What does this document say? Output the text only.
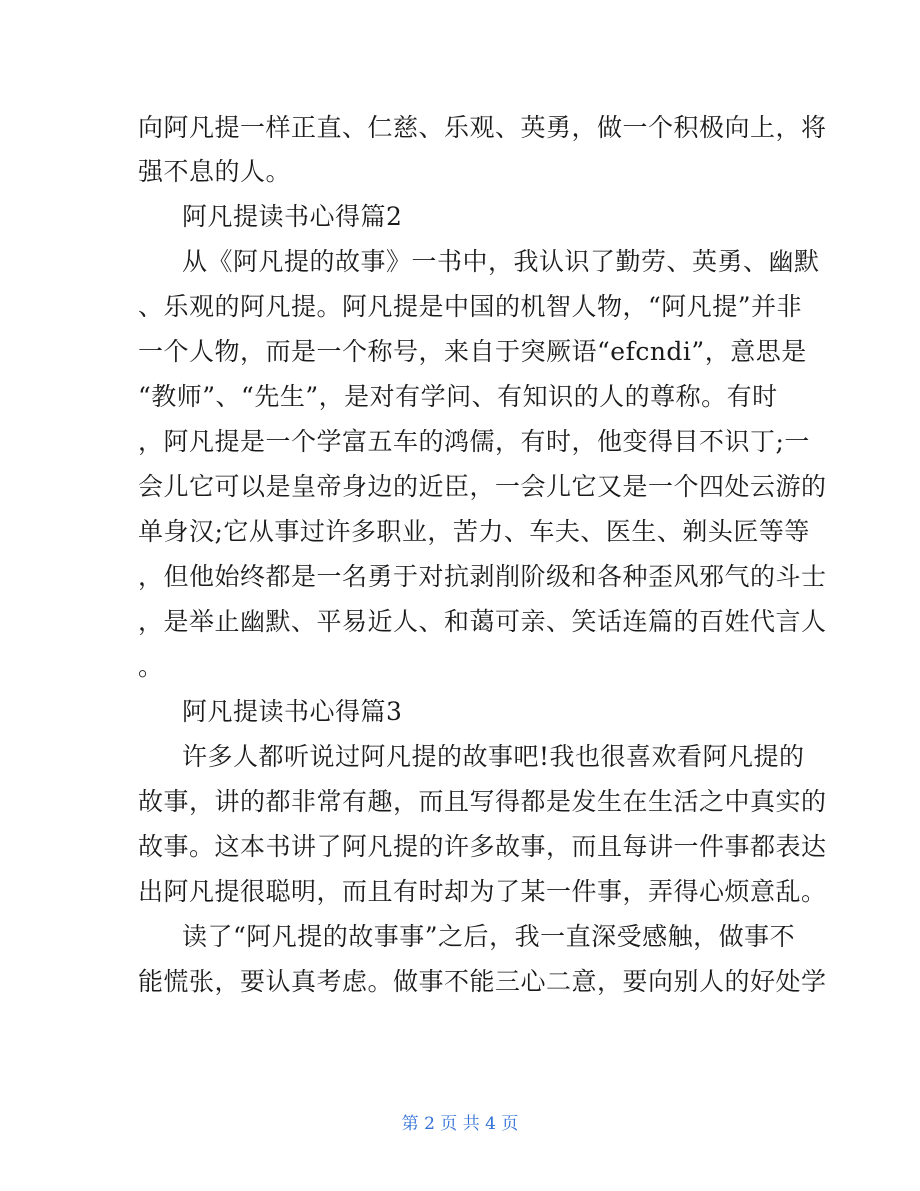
向阿凡提一样正直、仁慈、乐观、英勇，做一个积极向上，将
强不息的人。
阿凡提读书心得篇2
从《阿凡提的故事》一书中，我认识了勤劳、英勇、幽默
、乐观的阿凡提。阿凡提是中国的机智人物，“阿凡提”并非
一个人物，而是一个称号，来自于突厥语“efcndi”，意思是
“教师”、“先生”，是对有学问、有知识的人的尊称。有时
，阿凡提是一个学富五车的鸿儒，有时，他变得目不识丁;一
会儿它可以是皇帝身边的近臣，一会儿它又是一个四处云游的
单身汉;它从事过许多职业，苦力、车夫、医生、剃头匠等等
，但他始终都是一名勇于对抗剥削阶级和各种歪风邪气的斗士
，是举止幽默、平易近人、和蔼可亲、笑话连篇的百姓代言人
。
阿凡提读书心得篇3
许多人都听说过阿凡提的故事吧!我也很喜欢看阿凡提的
故事，讲的都非常有趣，而且写得都是发生在生活之中真实的
故事。这本书讲了阿凡提的许多故事，而且每讲一件事都表达
出阿凡提很聪明，而且有时却为了某一件事，弄得心烦意乱。
读了“阿凡提的故事事”之后，我一直深受感触，做事不
能慌张，要认真考虑。做事不能三心二意，要向别人的好处学
第 2 页 共 4 页
